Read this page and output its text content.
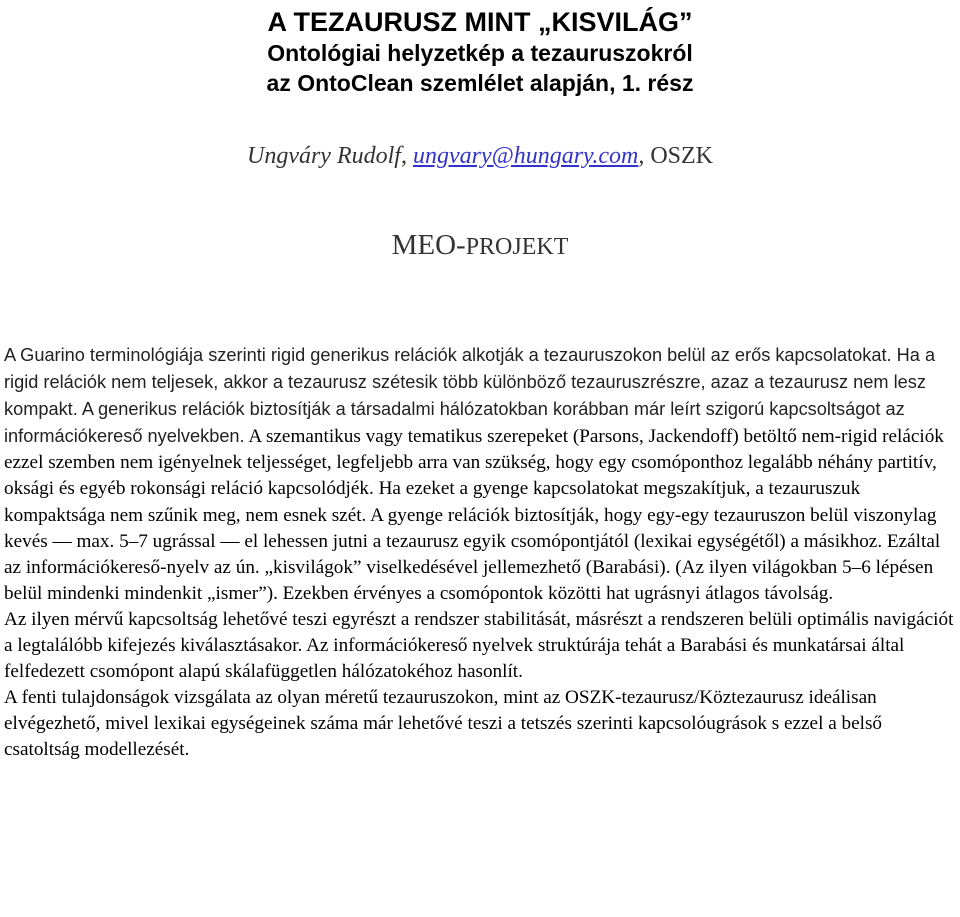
A TEZAURUSZ MINT „KISVILÁG”
Ontológiai helyzetkép a tezauruszokról
az OntoClean szemlélet alapján, 1. rész
Ungváry Rudolf, ungvary@hungary.com, OSZK
MEO-PROJEKT
A Guarino terminológiája szerinti rigid generikus relációk alkotják a tezauruszokon belül az erős kapcsolatokat. Ha a rigid relációk nem teljesek, akkor a tezaurusz szétesik több különböző tezauruszrészre, azaz a tezaurusz nem lesz kompakt. A generikus relációk biztosítják a társadalmi hálózatokban korábban már leírt szigorú kapcsoltságot az információkereső nyelvekben. A szemantikus vagy tematikus szerepeket (Parsons, Jackendoff) betöltő nem-rigid relációk ezzel szemben nem igényelnek teljességet, legfeljebb arra van szükség, hogy egy csomóponthoz legalább néhány partitív, oksági és egyéb rokonsági reláció kapcsolódjék. Ha ezeket a gyenge kapcsolatokat megszakítjuk, a tezauruszuk kompaktsága nem szűnik meg, nem esnek szét. A gyenge relációk biztosítják, hogy egy-egy tezauruszon belül viszonylag kevés — max. 5–7 ugrással — el lehessen jutni a tezaurusz egyik csomópontjától (lexikai egységétől) a másikhoz. Ezáltal az információkereső-nyelv az ún. „kisvilágok” viselkedésével jellemezhető (Barabási). (Az ilyen világokban 5–6 lépésen belül mindenki mindenkit „ismer”). Ezekben érvényes a csomópontok közötti hat ugrásnyi átlagos távolság.
Az ilyen mérvű kapcsoltság lehetővé teszi egyrészt a rendszer stabilitását, másrészt a rendszeren belüli optimális navigációt a legtalálóbb kifejezés kiválasztásakor. Az információkereső nyelvek struktúrája tehát a Barabási és munkatársai által felfedezett csomópont alapú skálafüggetlen hálózatokéhoz hasonlít.
A fenti tulajdonságok vizsgálata az olyan méretű tezauruszokon, mint az OSZK-tezaurusz/Köztezaurusz ideálisan elvégezhető, mivel lexikai egységeinek száma már lehetővé teszi a tetszés szerinti kapcsolóugrások s ezzel a belső csatoltság modellezését.
